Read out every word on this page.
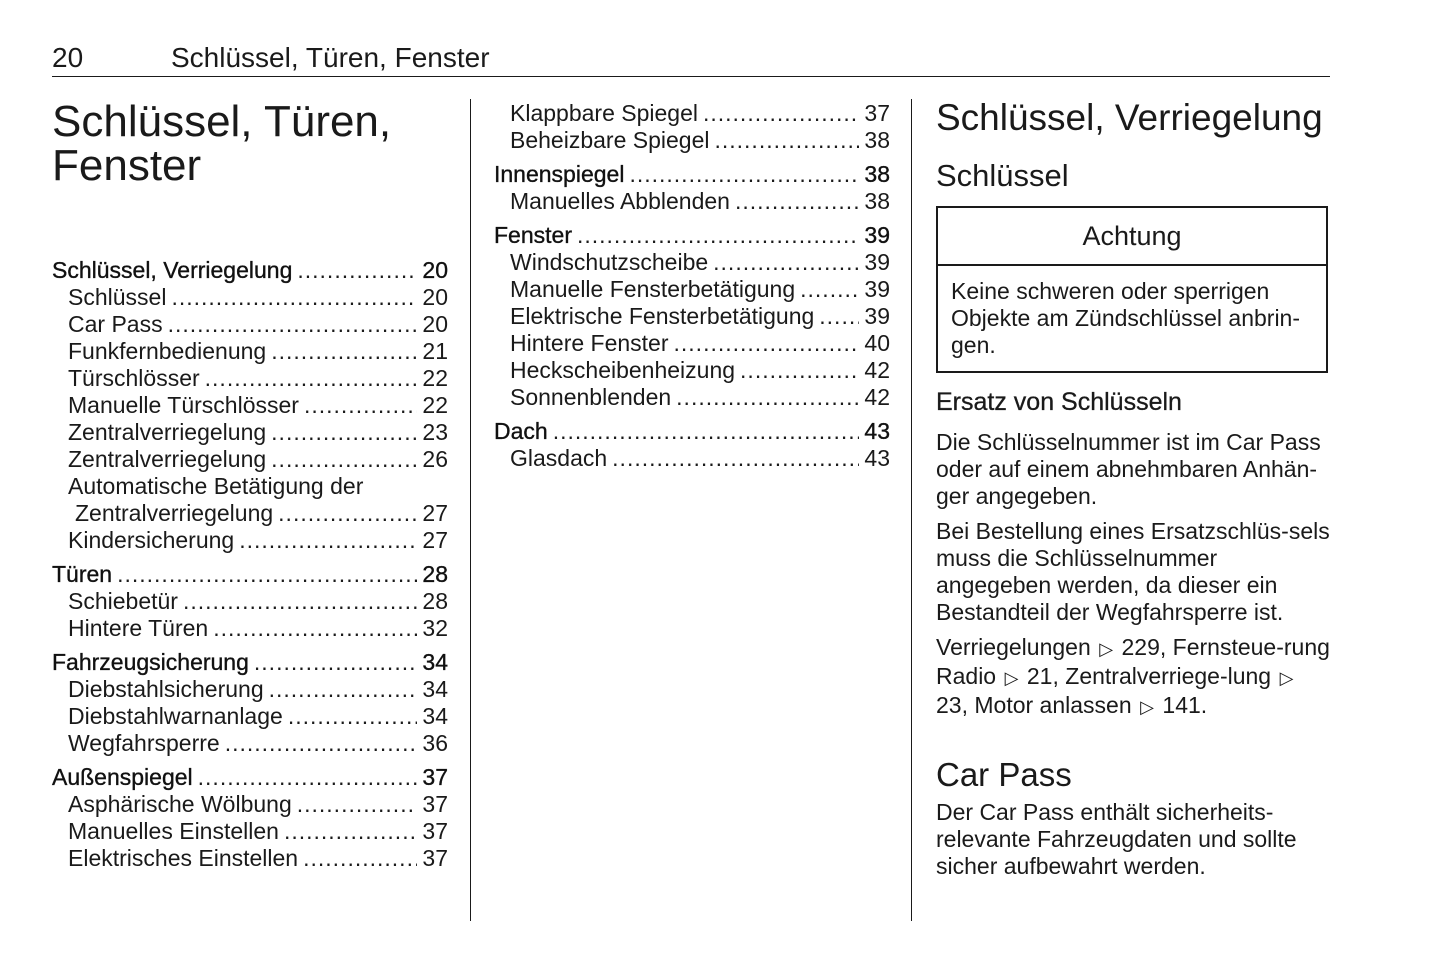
20	Schlüssel, Türen, Fenster
Schlüssel, Türen,
Fenster
Schlüssel, Verriegelung .....	20
Schlüssel .....	20
Car Pass .....	20
Funkfernbedienung .....	21
Türschlösser .....	22
Manuelle Türschlösser .....	22
Zentralverriegelung .....	23
Zentralverriegelung .....	26
Automatische Betätigung der
Zentralverriegelung .....	27
Kindersicherung .....	27
Türen .....	28
Schiebetür .....	28
Hintere Türen .....	32
Fahrzeugsicherung .....	34
Diebstahlsicherung .....	34
Diebstahlwarnanlage .....	34
Wegfahrsperre .....	36
Außenspiegel .....	37
Asphärische Wölbung .....	37
Manuelles Einstellen .....	37
Elektrisches Einstellen .....	37
Klappbare Spiegel .....	37
Beheizbare Spiegel .....	38
Innenspiegel .....	38
Manuelles Abblenden .....	38
Fenster .....	39
Windschutzscheibe .....	39
Manuelle Fensterbetätigung .....	39
Elektrische Fensterbetätigung ..... 39
Hintere Fenster .....	40
Heckscheibenheizung .....	42
Sonnenblenden .....	42
Dach .....	43
Glasdach .....	43
Schlüssel, Verriegelung
Schlüssel
Achtung
Keine schweren oder sperrigen Objekte am Zündschlüssel anbrin-gen.
Ersatz von Schlüsseln

Die Schlüsselnummer ist im Car Pass oder auf einem abnehmbaren Anhän-ger angegeben.

Bei Bestellung eines Ersatzschlüs-sels muss die Schlüsselnummer angegeben werden, da dieser ein Bestandteil der Wegfahrsperre ist.

Verriegelungen ▷ 229, Fernsteue-rung Radio ▷ 21, Zentralverriege-lung ▷ 23, Motor anlassen ▷ 141.

Car Pass

Der Car Pass enthält sicherheits-relevante Fahrzeugdaten und sollte sicher aufbewahrt werden.
